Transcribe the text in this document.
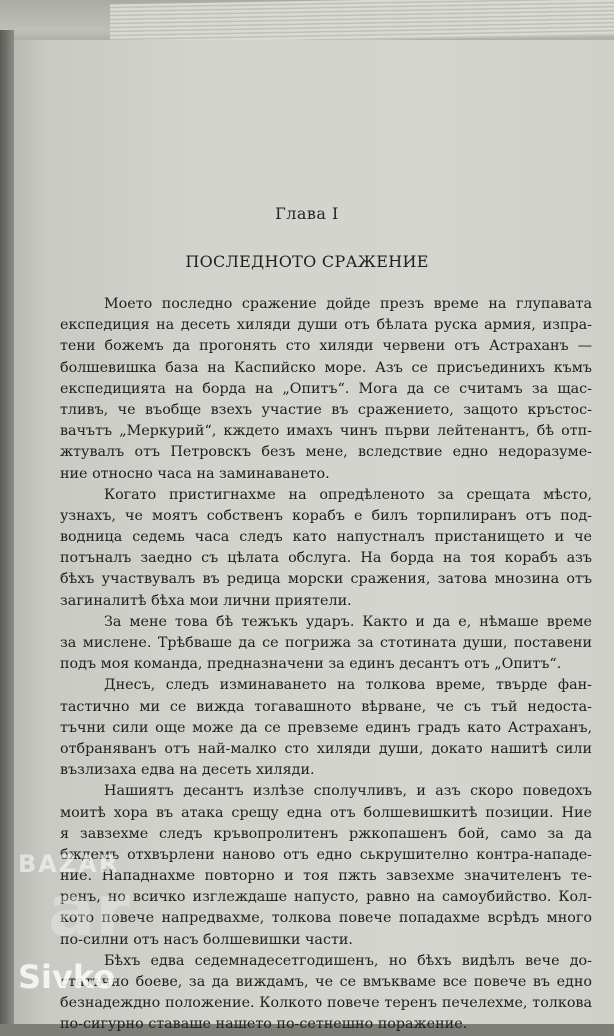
Глава I
ПОСЛЕДНОТО СРАЖЕНИЕ
Моето последно сражение дойде презъ време на глупавата
експедиция на десеть хиляди души отъ бѣлата руска армия, изпра-
тени божемъ да прогонять сто хиляди червени отъ Астраханъ —
болшевишка база на Каспийско море. Азъ се присъединихъ къмъ
експедицията на борда на „Опитъ“. Мога да се считамъ за щас-
тливъ, че въобще взехъ участие въ сражението, защото кръстос-
вачътъ „Меркурий“, кждето имахъ чинъ първи лейтенантъ, бѣ отп-
жтувалъ отъ Петровскъ безъ мене, вследствие едно недоразуме-
ние относно часа на заминаването.
Когато пристигнахме на опредѣленото за срещата мѣсто,
узнахъ, че моятъ собственъ корабъ е билъ торпилиранъ отъ под-
водница седемь часа следъ като напустналъ пристанището и че
потъналъ заедно съ цѣлата обслуга. На борда на тоя корабъ азъ
бѣхъ участвувалъ въ редица морски сражения, затова мнозина отъ
загиналитѣ бѣха мои лични приятели.
За мене това бѣ тежъкъ ударъ. Както и да е, нѣмаше време
за мислене. Трѣбваше да се погрижа за стотината души, поставени
подъ моя команда, предназначени за единъ десантъ отъ „Опитъ“.
Днесъ, следъ изминаването на толкова време, твърде фан-
тастично ми се вижда тогавашното вѣрване, че съ тъй недоста-
тъчни сили още може да се превземе единъ градъ като Астраханъ,
отбраняванъ отъ най-малко сто хиляди души, докато нашитѣ сили
възлизаха едва на десеть хиляди.
Нашиятъ десантъ излѣзе сполучливъ, и азъ скоро поведохъ
моитѣ хора въ атака срещу една отъ болшевишкитѣ позиции. Ние
я завзехме следъ кръвопролитенъ ржкопашенъ бой, само за да
бждемъ отхвърлени наново отъ едно ськрушително контра-нападе-
ние. Нападнахме повторно и тоя пжть завзехме значителенъ те-
ренъ, но всичко изглеждаше напусто, равно на самоубийство. Кол-
кото повече напредвахме, толкова повече попадахме всрѣдъ много
по-силни отъ насъ болшевишки части.
Бѣхъ едва седемнадесетгодишенъ, но бѣхъ видѣлъ вече до-
статъчно боеве, за да виждамъ, че се вмъкваме все повече въ едно
безнадеждно положение. Колкото повече теренъ печелехме, толкова
по-сигурно ставаше нашето по-сетнешно поражение.
BAZAR
ar
Sivko
